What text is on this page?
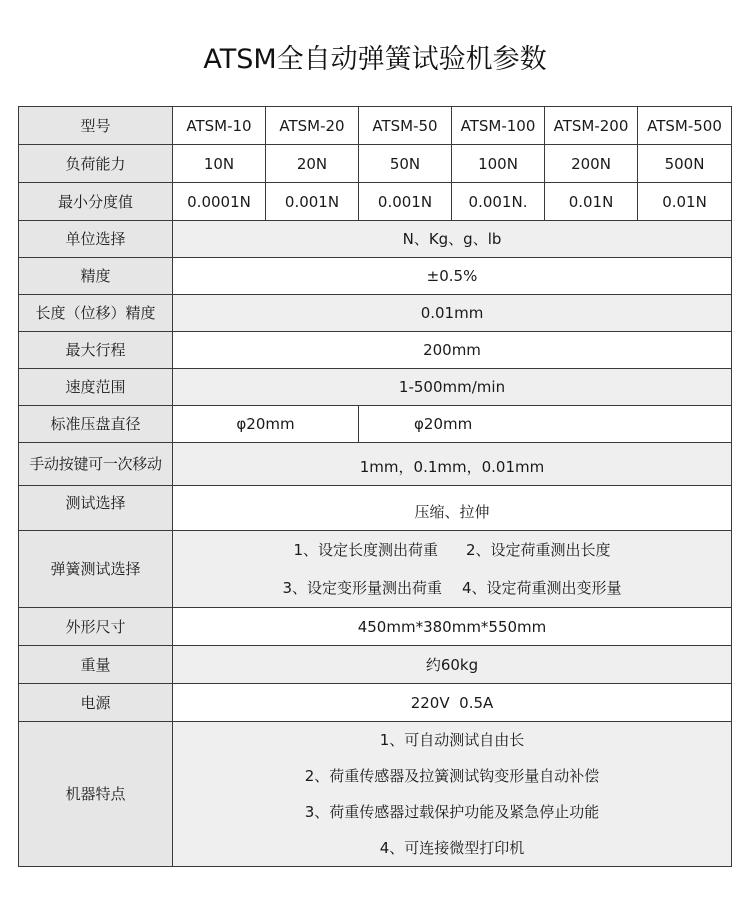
ATSM全自动弹簧试验机参数
型号	ATSM-10	ATSM-20	ATSM-50	ATSM-100	ATSM-200	ATSM-500
负荷能力	10N	20N	50N	100N	200N	500N
最小分度值	0.0001N	0.001N	0.001N	0.001N.	0.01N	0.01N
单位选择	N、Kg、g、lb					
精度	±0.5%					
长度（位移）精度	0.01mm					
最大行程	200mm					
速度范围	1-500mm/min					
标准压盘直径	φ20mm		φ20mm			
手动按键可一次移动	1mm，0.1mm，0.01mm					
测试选择	压缩、拉伸					
弹簧测试选择	1、设定长度测出荷重 2、设定荷重测出长度
3、设定变形量测出荷重 4、设定荷重测出变形量					

外形尺寸	450mm*380mm*550mm					
重量	约60kg					
电源	220V  0.5A					
机器特点	1、可自动测试自由长
2、荷重传感器及拉簧测试钩变形量自动补偿
3、荷重传感器过载保护功能及紧急停止功能
4、可连接微型打印机					
